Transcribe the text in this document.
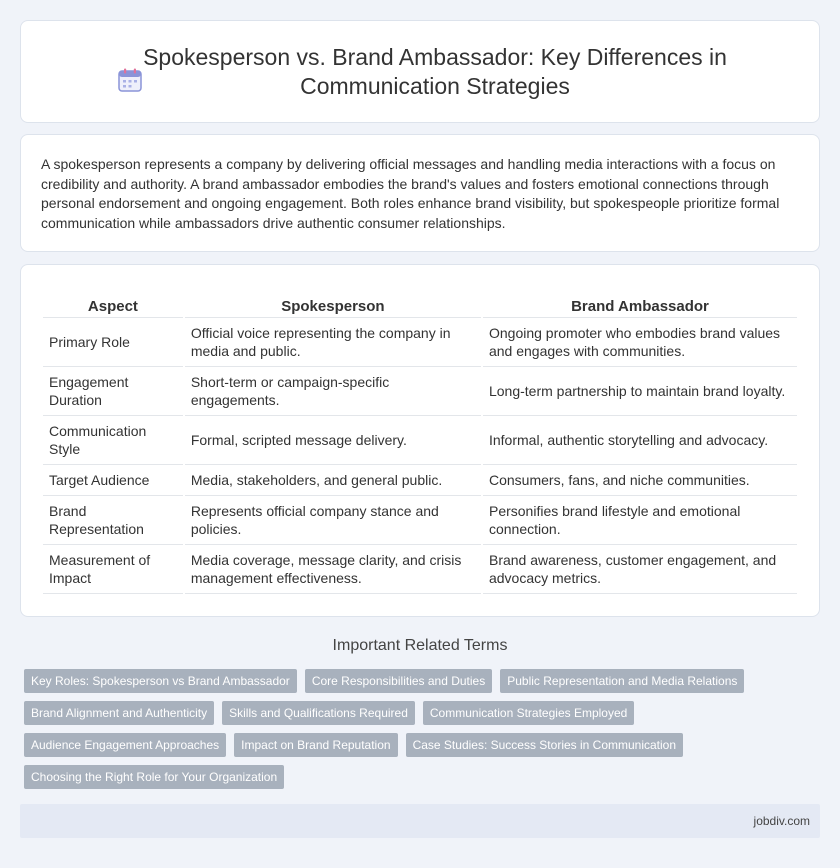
Spokesperson vs. Brand Ambassador: Key Differences in Communication Strategies

A spokesperson represents a company by delivering official messages and handling media interactions with a focus on credibility and authority. A brand ambassador embodies the brand's values and fosters emotional connections through personal endorsement and ongoing engagement. Both roles enhance brand visibility, but spokespeople prioritize formal communication while ambassadors drive authentic consumer relationships.

Aspect	Spokesperson	Brand Ambassador
Primary Role	Official voice representing the company in media and public.	Ongoing promoter who embodies brand values and engages with communities.
Engagement Duration	Short-term or campaign-specific engagements.	Long-term partnership to maintain brand loyalty.
Communication Style	Formal, scripted message delivery.	Informal, authentic storytelling and advocacy.
Target Audience	Media, stakeholders, and general public.	Consumers, fans, and niche communities.
Brand Representation	Represents official company stance and policies.	Personifies brand lifestyle and emotional connection.
Measurement of Impact	Media coverage, message clarity, and crisis management effectiveness.	Brand awareness, customer engagement, and advocacy metrics.
Important Related Terms
Key Roles: Spokesperson vs Brand Ambassador	Core Responsibilities and Duties	Public Representation and Media Relations
Brand Alignment and Authenticity	Skills and Qualifications Required	Communication Strategies Employed
Audience Engagement Approaches	Impact on Brand Reputation	Case Studies: Success Stories in Communication
Choosing the Right Role for Your Organization
jobdiv.com
